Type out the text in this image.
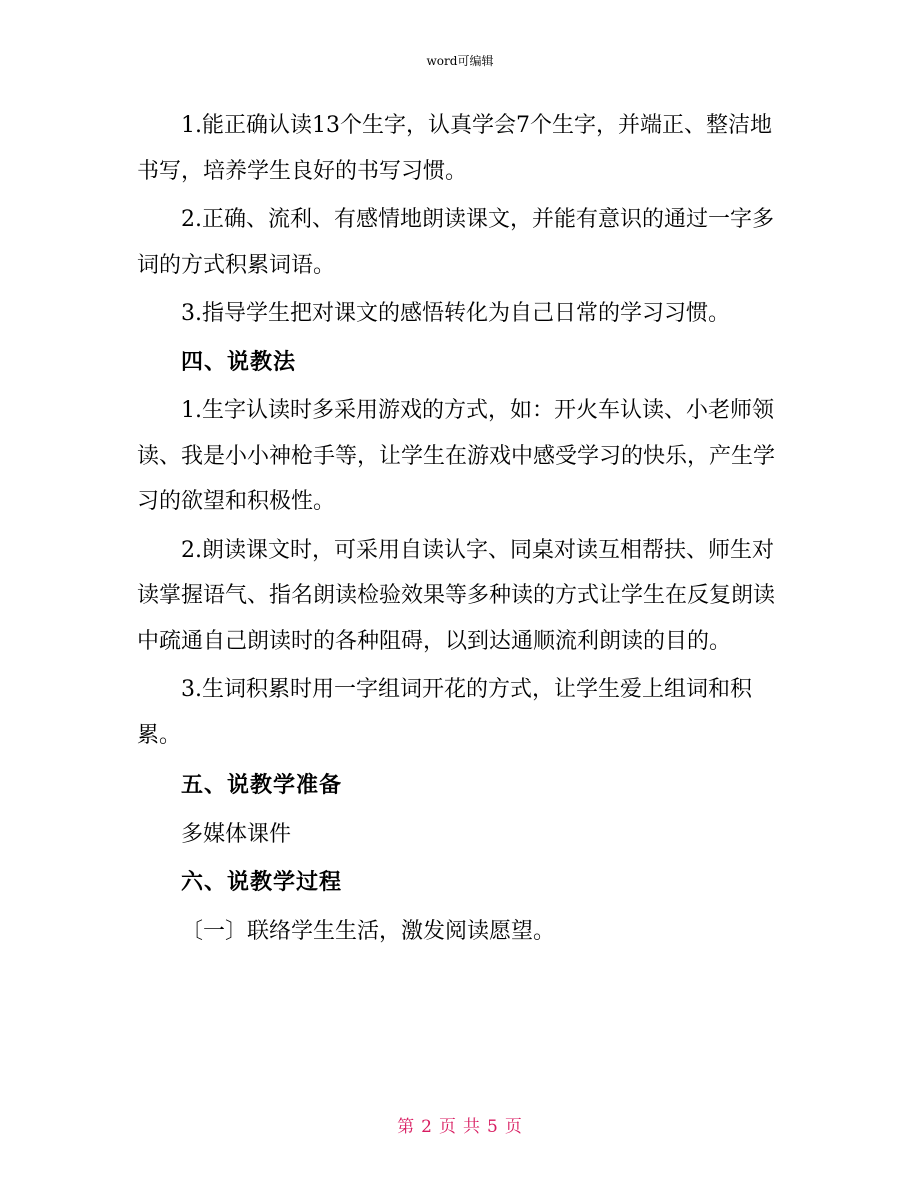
word可编辑

1.能正确认读13个生字，认真学会7个生字，并端正、整洁地书写，培养学生良好的书写习惯。

2.正确、流利、有感情地朗读课文，并能有意识的通过一字多词的方式积累词语。

3.指导学生把对课文的感悟转化为自己日常的学习习惯。

四、说教法

1.生字认读时多采用游戏的方式，如：开火车认读、小老师领读、我是小小神枪手等，让学生在游戏中感受学习的快乐，产生学习的欲望和积极性。

2.朗读课文时，可采用自读认字、同桌对读互相帮扶、师生对读掌握语气、指名朗读检验效果等多种读的方式让学生在反复朗读中疏通自己朗读时的各种阻碍，以到达通顺流利朗读的目的。

3.生词积累时用一字组词开花的方式，让学生爱上组词和积累。

五、说教学准备

多媒体课件

六、说教学过程

〔一〕联络学生生活，激发阅读愿望。

第 2 页 共 5 页
